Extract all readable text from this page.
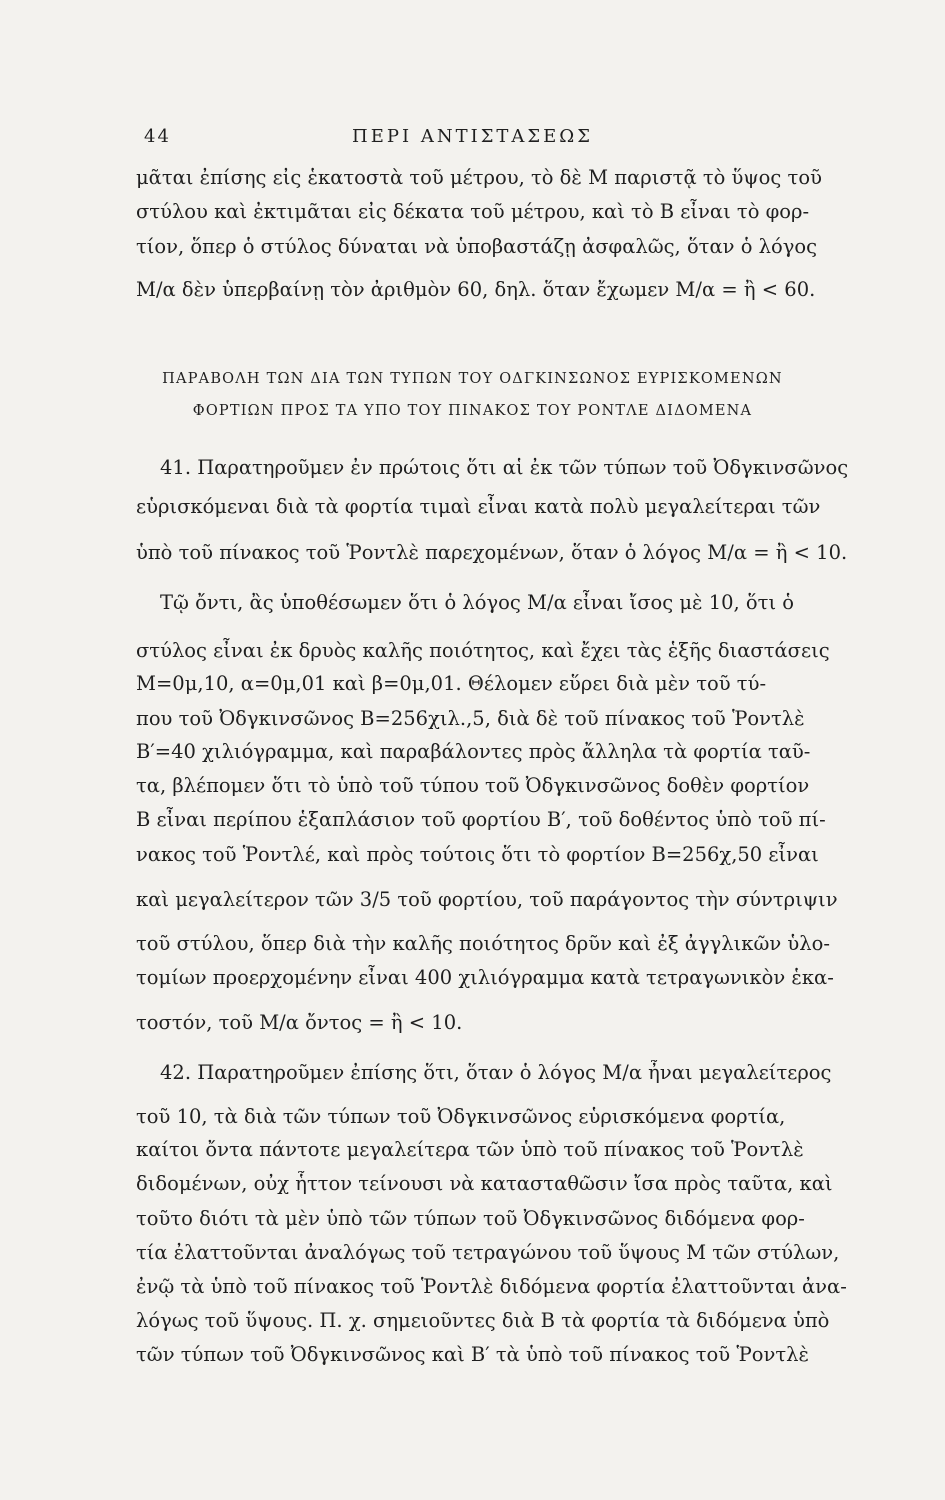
44	ΠΕΡΙ ΑΝΤΙΣΤΑΣΕΩΣ
μᾶται ἐπίσης εἰς ἑκατοστὰ τοῦ μέτρου, τὸ δὲ Μ παριστᾷ τὸ ὕψος τοῦ
στύλου καὶ ἐκτιμᾶται εἰς δέκατα τοῦ μέτρου, καὶ τὸ Β εἶναι τὸ φορ-
τίον, ὅπερ ὁ στύλος δύναται νὰ ὑποβαστάζῃ ἀσφαλῶς, ὅταν ὁ λόγος
Μ/α δὲν ὑπερβαίνῃ τὸν ἀριθμὸν 60, δηλ. ὅταν ἔχωμεν Μ/α = ἢ < 60.
ΠΑΡΑΒΟΛΗ ΤΩΝ ΔΙΑ ΤΩΝ ΤΥΠΩΝ ΤΟΥ ΟΔΓΚΙΝΣΩΝΟΣ ΕΥΡΙΣΚΟΜΕΝΩΝ
ΦΟΡΤΙΩΝ ΠΡΟΣ ΤΑ ΥΠΟ ΤΟΥ ΠΙΝΑΚΟΣ ΤΟΥ ΡΟΝΤΛΕ ΔΙΔΟΜΕΝΑ
41. Παρατηροῦμεν ἐν πρώτοις ὅτι αἱ ἐκ τῶν τύπων τοῦ Ὀδγκινσῶνος
εὑρισκόμεναι διὰ τὰ φορτία τιμαὶ εἶναι κατὰ πολὺ μεγαλείτεραι τῶν
ὑπὸ τοῦ πίνακος τοῦ Ῥοντλὲ παρεχομένων, ὅταν ὁ λόγος Μ/α = ἢ < 10.
Τῷ ὄντι, ἂς ὑποθέσωμεν ὅτι ὁ λόγος Μ/α εἶναι ἴσος μὲ 10, ὅτι ὁ
στύλος εἶναι ἐκ δρυὸς καλῆς ποιότητος, καὶ ἔχει τὰς ἑξῆς διαστάσεις
Μ=0μ,10, α=0μ,01 καὶ β=0μ,01. Θέλομεν εὕρει διὰ μὲν τοῦ τύ-
που τοῦ Ὀδγκινσῶνος Β=256χιλ.,5, διὰ δὲ τοῦ πίνακος τοῦ Ῥοντλὲ
Β′=40 χιλιόγραμμα, καὶ παραβάλοντες πρὸς ἄλληλα τὰ φορτία ταῦ-
τα, βλέπομεν ὅτι τὸ ὑπὸ τοῦ τύπου τοῦ Ὀδγκινσῶνος δοθὲν φορτίον
Β εἶναι περίπου ἑξαπλάσιον τοῦ φορτίου Β′, τοῦ δοθέντος ὑπὸ τοῦ πί-
νακος τοῦ Ῥοντλέ, καὶ πρὸς τούτοις ὅτι τὸ φορτίον Β=256χ,50 εἶναι
καὶ μεγαλείτερον τῶν 3/5 τοῦ φορτίου, τοῦ παράγοντος τὴν σύντριψιν
τοῦ στύλου, ὅπερ διὰ τὴν καλῆς ποιότητος δρῦν καὶ ἐξ ἀγγλικῶν ὑλο-
τομίων προερχομένην εἶναι 400 χιλιόγραμμα κατὰ τετραγωνικὸν ἑκα-
τοστόν, τοῦ Μ/α ὄντος = ἢ < 10.
42. Παρατηροῦμεν ἐπίσης ὅτι, ὅταν ὁ λόγος Μ/α ἦναι μεγαλείτερος
τοῦ 10, τὰ διὰ τῶν τύπων τοῦ Ὀδγκινσῶνος εὑρισκόμενα φορτία,
καίτοι ὄντα πάντοτε μεγαλείτερα τῶν ὑπὸ τοῦ πίνακος τοῦ Ῥοντλὲ
διδομένων, οὐχ ἧττον τείνουσι νὰ κατασταθῶσιν ἴσα πρὸς ταῦτα, καὶ
τοῦτο διότι τὰ μὲν ὑπὸ τῶν τύπων τοῦ Ὀδγκινσῶνος διδόμενα φορ-
τία ἐλαττοῦνται ἀναλόγως τοῦ τετραγώνου τοῦ ὕψους Μ τῶν στύλων,
ἐνῷ τὰ ὑπὸ τοῦ πίνακος τοῦ Ῥοντλὲ διδόμενα φορτία ἐλαττοῦνται ἀνα-
λόγως τοῦ ὕψους. Π. χ. σημειοῦντες διὰ Β τὰ φορτία τὰ διδόμενα ὑπὸ
τῶν τύπων τοῦ Ὀδγκινσῶνος καὶ Β′ τὰ ὑπὸ τοῦ πίνακος τοῦ Ῥοντλὲ
